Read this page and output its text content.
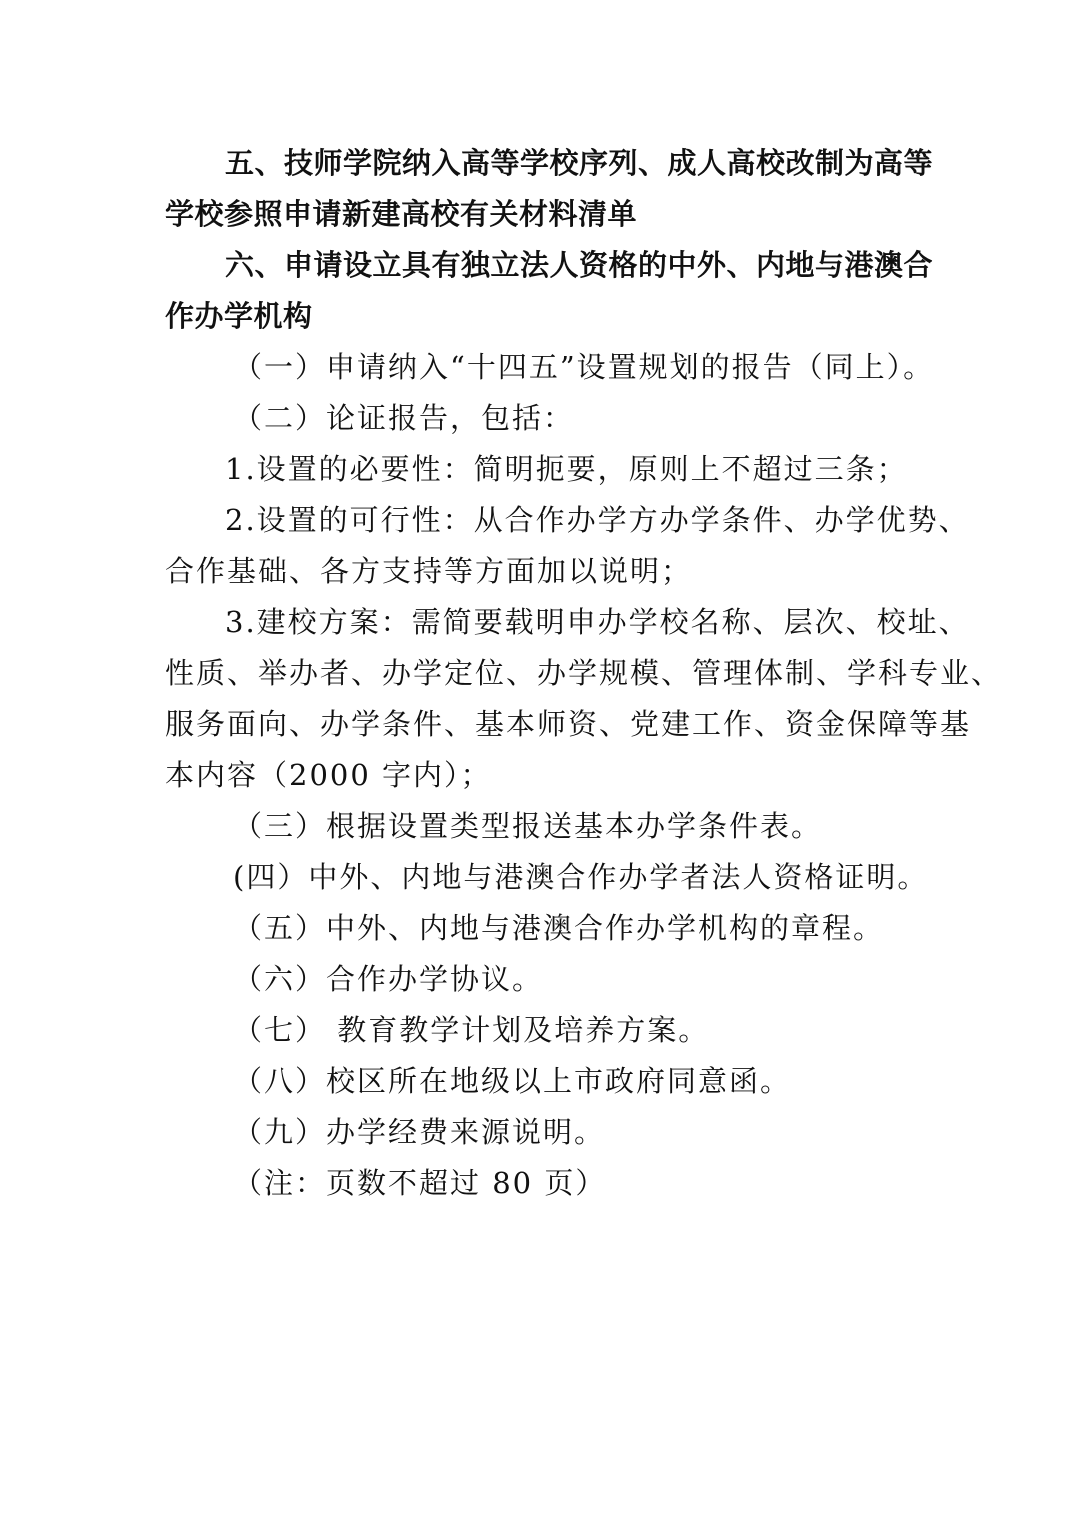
五、技师学院纳入高等学校序列、成人高校改制为高等
学校参照申请新建高校有关材料清单
六、申请设立具有独立法人资格的中外、内地与港澳合
作办学机构
（一）申请纳入“十四五”设置规划的报告（同上）。
（二）论证报告，包括：
1.设置的必要性：简明扼要，原则上不超过三条；
2.设置的可行性：从合作办学方办学条件、办学优势、
合作基础、各方支持等方面加以说明；
3.建校方案：需简要载明申办学校名称、层次、校址、
性质、举办者、办学定位、办学规模、管理体制、学科专业、
服务面向、办学条件、基本师资、党建工作、资金保障等基
本内容（2000 字内）；
（三）根据设置类型报送基本办学条件表。
(四）中外、内地与港澳合作办学者法人资格证明。
（五）中外、内地与港澳合作办学机构的章程。
（六）合作办学协议。
（七） 教育教学计划及培养方案。
（八）校区所在地级以上市政府同意函。
（九）办学经费来源说明。
（注：页数不超过 80 页）
